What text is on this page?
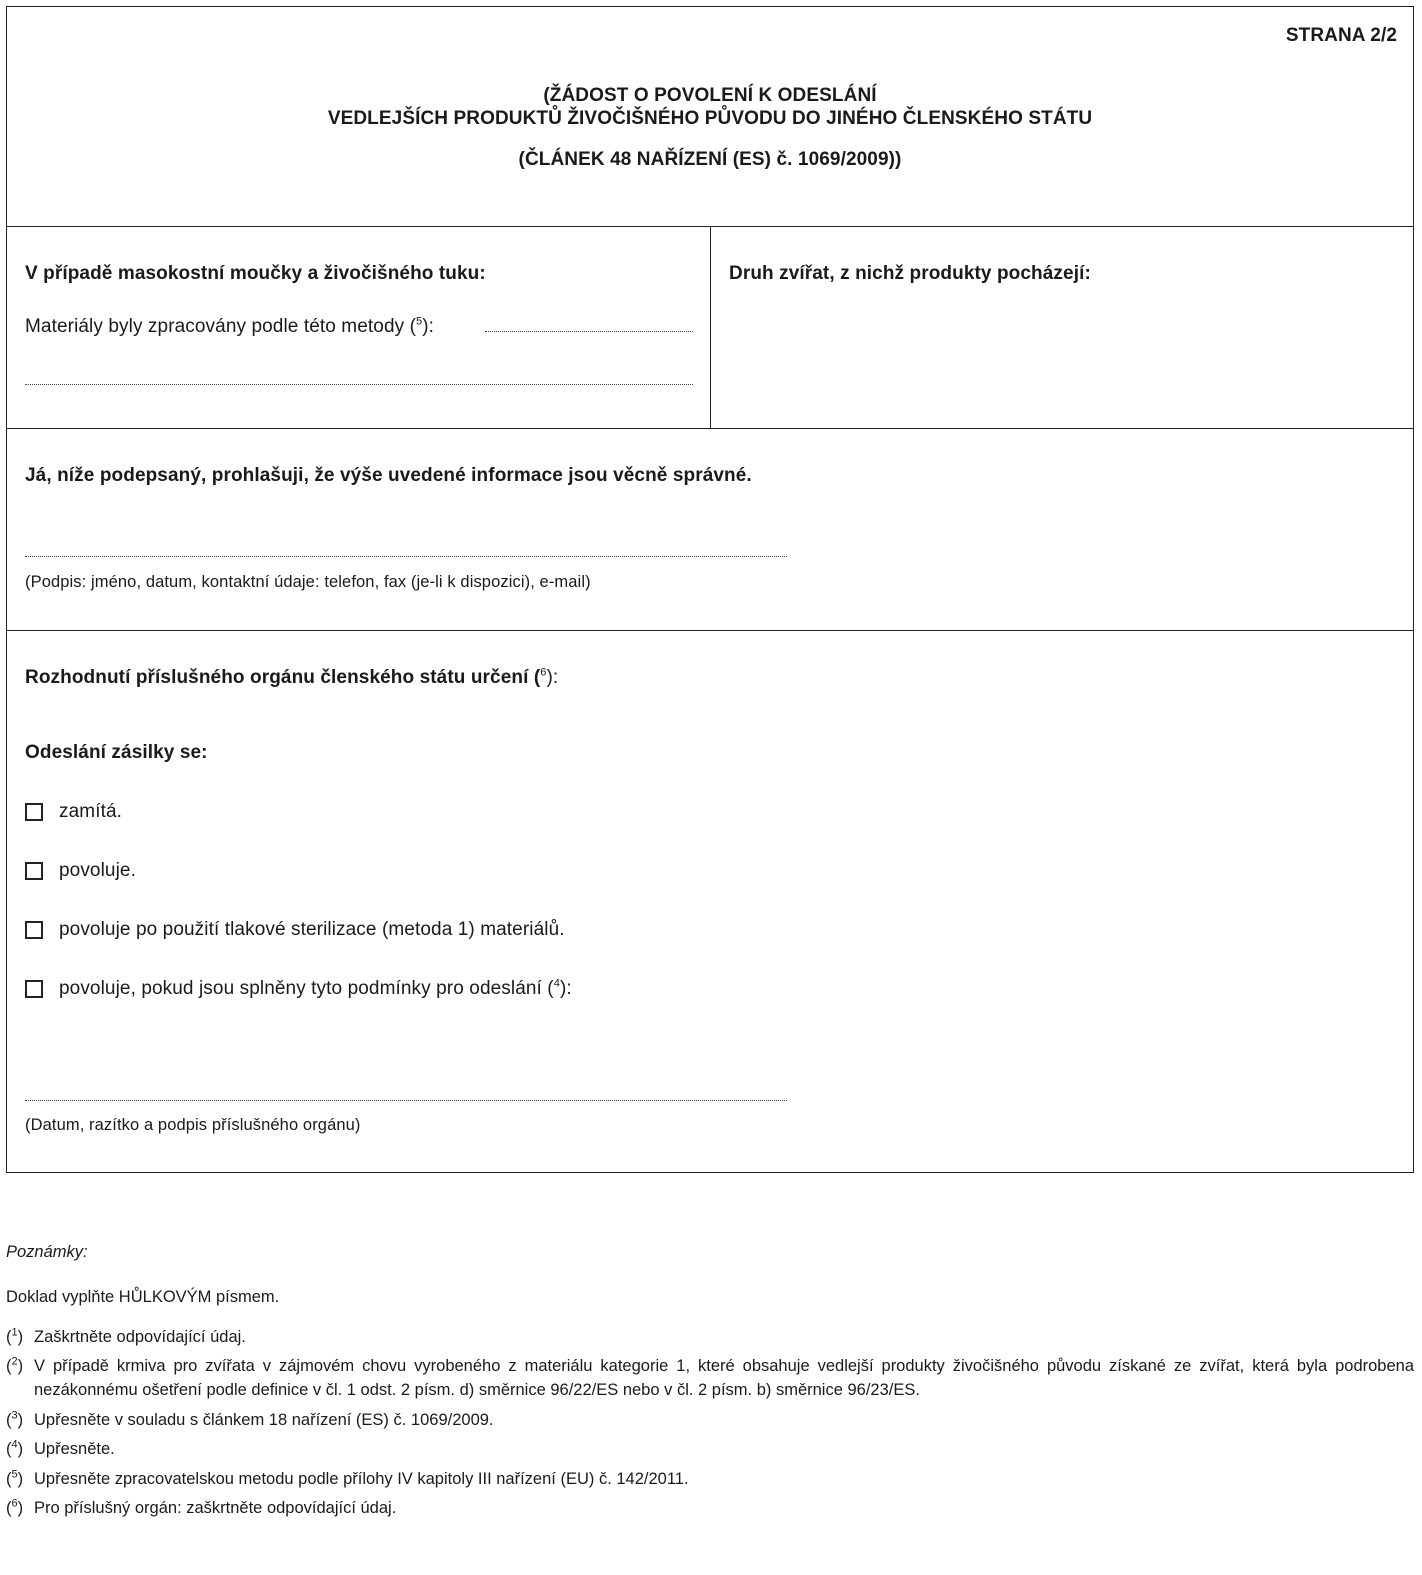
STRANA 2/2
(ŽÁDOST O POVOLENÍ K ODESLÁNÍ
VEDLEJŠÍCH PRODUKTŮ ŽIVOČIŠNÉHO PŮVODU DO JINÉHO ČLENSKÉHO STÁTU
(ČLÁNEK 48 NAŘÍZENÍ (ES) č. 1069/2009))
V případě masokostní moučky a živočišného tuku:
Materiály byly zpracovány podle této metody ($^5$):
Druh zvířat, z nichž produkty pocházejí:
Já, níže podepsaný, prohlašuji, že výše uvedené informace jsou věcně správné.
(Podpis: jméno, datum, kontaktní údaje: telefon, fax (je-li k dispozici), e-mail)
Rozhodnutí příslušného orgánu členského státu určení ($^6$):
Odeslání zásilky se:
zamítá.
povoluje.
povoluje po použití tlakové sterilizace (metoda 1) materiálů.
povoluje, pokud jsou splněny tyto podmínky pro odeslání ($^4$):
(Datum, razítko a podpis příslušného orgánu)
Poznámky:
Doklad vyplňte HŮLKOVÝM písmem.
($^1$) Zaškrtněte odpovídající údaj.
($^2$) V případě krmiva pro zvířata v zájmovém chovu vyrobeného z materiálu kategorie 1, které obsahuje vedlejší produkty živočišného původu získané ze zvířat, která byla podrobena nezákonnému ošetření podle definice v čl. 1 odst. 2 písm. d) směrnice 96/22/ES nebo v čl. 2 písm. b) směrnice 96/23/ES.
($^3$) Upřesněte v souladu s článkem 18 nařízení (ES) č. 1069/2009.
($^4$) Upřesněte.
($^5$) Upřesněte zpracovatelskou metodu podle přílohy IV kapitoly III nařízení (EU) č. 142/2011.
($^6$) Pro příslušný orgán: zaškrtněte odpovídající údaj.
